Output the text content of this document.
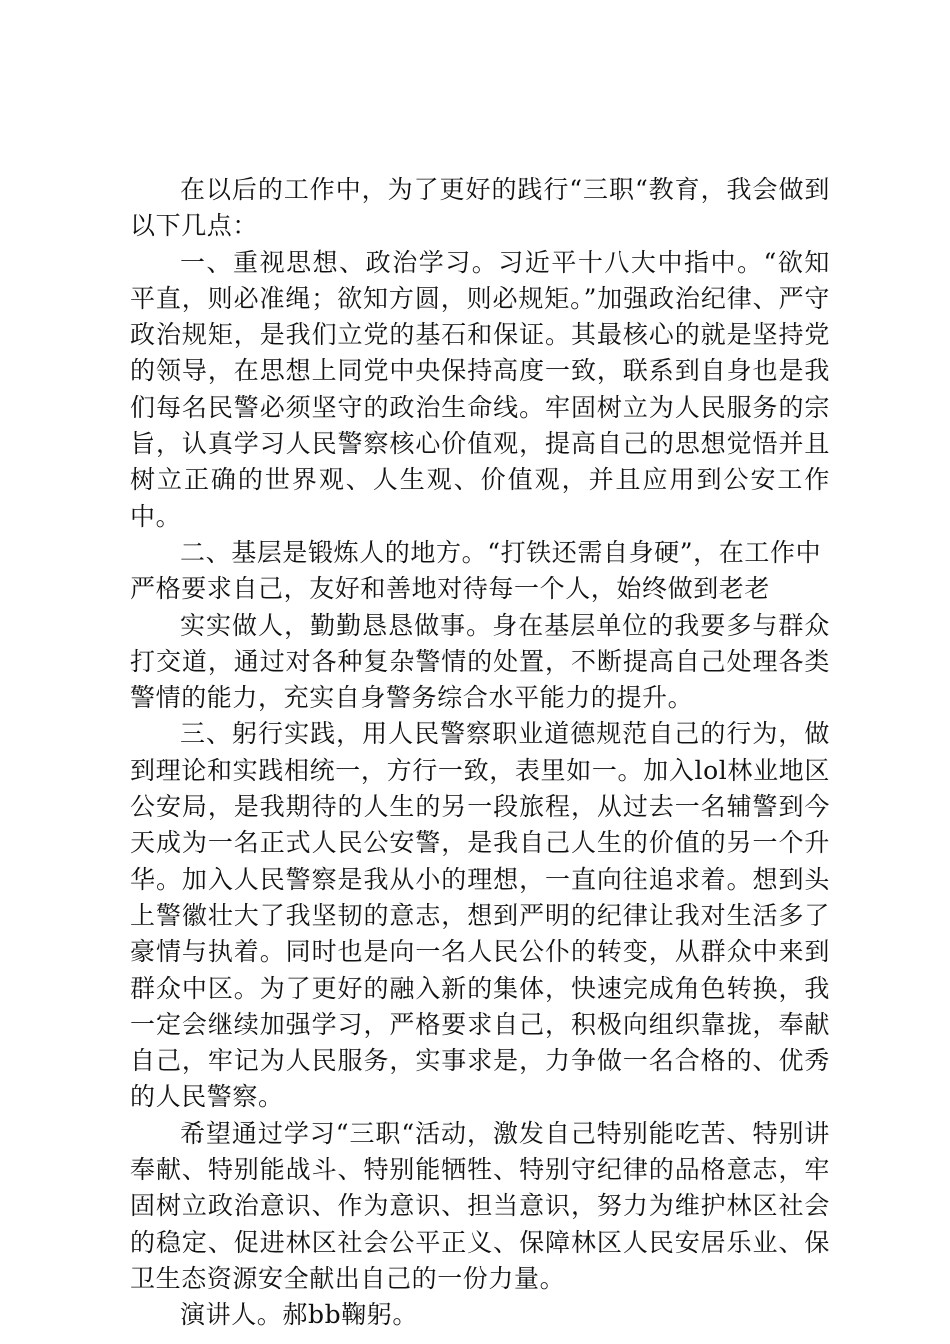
在以后的工作中，为了更好的践行“三职“教育，我会做到以下几点：

一、重视思想、政治学习。习近平十八大中指中。“欲知平直，则必准绳；欲知方圆，则必规矩。”加强政治纪律、严守政治规矩，是我们立党的基石和保证。其最核心的就是坚持党的领导，在思想上同党中央保持高度一致，联系到自身也是我们每名民警必须坚守的政治生命线。牢固树立为人民服务的宗旨，认真学习人民警察核心价值观，提高自己的思想觉悟并且树立正确的世界观、人生观、价值观，并且应用到公安工作中。

二、基层是锻炼人的地方。“打铁还需自身硬”，在工作中严格要求自己，友好和善地对待每一个人，始终做到老老

实实做人，勤勤恳恳做事。身在基层单位的我要多与群众打交道，通过对各种复杂警情的处置，不断提高自己处理各类警情的能力，充实自身警务综合水平能力的提升。

三、躬行实践，用人民警察职业道德规范自己的行为，做到理论和实践相统一，方行一致，表里如一。加入lol林业地区公安局，是我期待的人生的另一段旅程，从过去一名辅警到今天成为一名正式人民公安警，是我自己人生的价值的另一个升华。加入人民警察是我从小的理想，一直向往追求着。想到头上警徽壮大了我坚韧的意志，想到严明的纪律让我对生活多了豪情与执着。同时也是向一名人民公仆的转变，从群众中来到群众中区。为了更好的融入新的集体，快速完成角色转换，我一定会继续加强学习，严格要求自己，积极向组织靠拢，奉献自己，牢记为人民服务，实事求是，力争做一名合格的、优秀的人民警察。

希望通过学习“三职“活动，激发自己特别能吃苦、特别讲奉献、特别能战斗、特别能牺牲、特别守纪律的品格意志，牢固树立政治意识、作为意识、担当意识，努力为维护林区社会的稳定、促进林区社会公平正义、保障林区人民安居乐业、保卫生态资源安全献出自己的一份力量。

演讲人。郝bb鞠躬。
